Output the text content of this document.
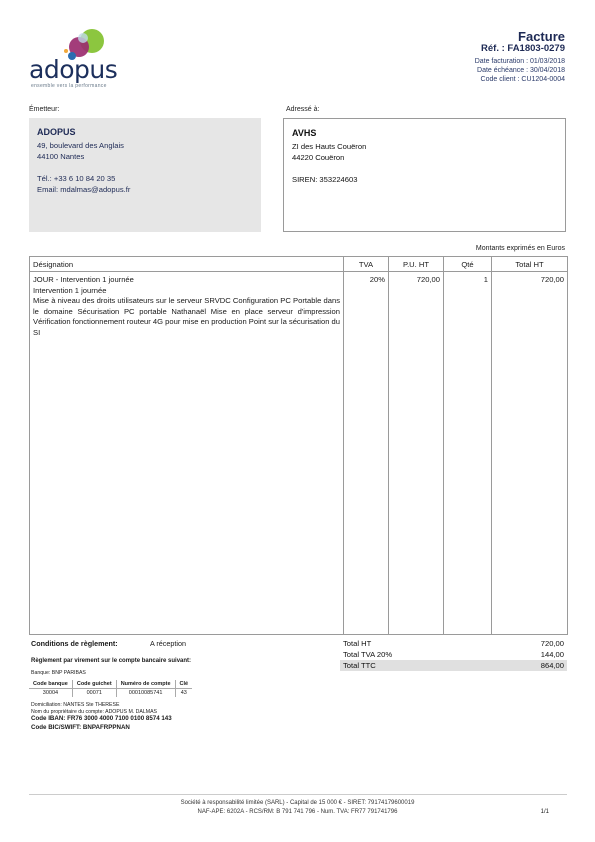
adopus
ensemble vers la performance
Facture
Réf. : FA1803-0279
Date facturation : 01/03/2018
Date échéance : 30/04/2018
Code client : CU1204-0004
Émetteur:
ADOPUS
49, boulevard des Anglais
44100 Nantes
Tél.: +33 6 10 84 20 35
Email: mdalmas@adopus.fr
Adressé à:
AVHS
ZI des Hauts Couëron
44220 Couëron
SIREN: 353224603
Montants exprimés en Euros
Désignation	TVA	P.U. HT	Qté	Total HT

JOUR - Intervention 1 journée
Intervention 1 journée
Mise à niveau des droits utilisateurs sur le serveur SRVDC Configuration PC Portable dans le domaine Sécurisation PC portable Nathanaël Mise en place serveur d'impression Vérification fonctionnement routeur 4G pour mise en production Point sur la sécurisation du SI	20%	720,00	1	720,00
Conditions de règlement:	A réception	Total HT	720,00
Total TVA 20%	144,00
Total TTC	864,00
Règlement par virement sur le compte bancaire suivant:
Banque: BNP PARIBAS
Code banque	Code guichet	Numéro de compte	Clé
30004	00071	00010085741	43
Domiciliation: NANTES Ste THERESE
Nom du propriétaire du compte: ADOPUS M. DALMAS
Code IBAN: FR76 3000 4000 7100 0100 8574 143
Code BIC/SWIFT: BNPAFRPPNAN
Société à responsabilité limitée (SARL) - Capital de 15 000 € - SIRET: 79174179600019
NAF-APE: 6202A - RCS/RM: B 791 741 796 - Num. TVA: FR77 791741796	1/1
